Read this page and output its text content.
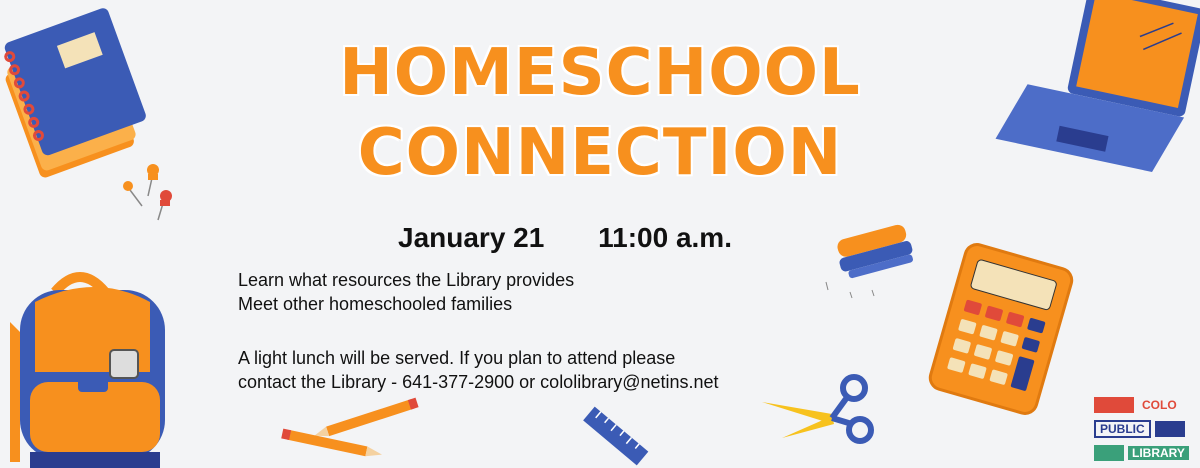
HOMESCHOOL
CONNECTION
January 21 11:00 a.m.
Learn what resources the Library provides
Meet other homeschooled families
A light lunch will be served. If you plan to attend please
contact the Library - 641-377-2900 or cololibrary@netins.net
COLO
PUBLIC
LIBRARY
